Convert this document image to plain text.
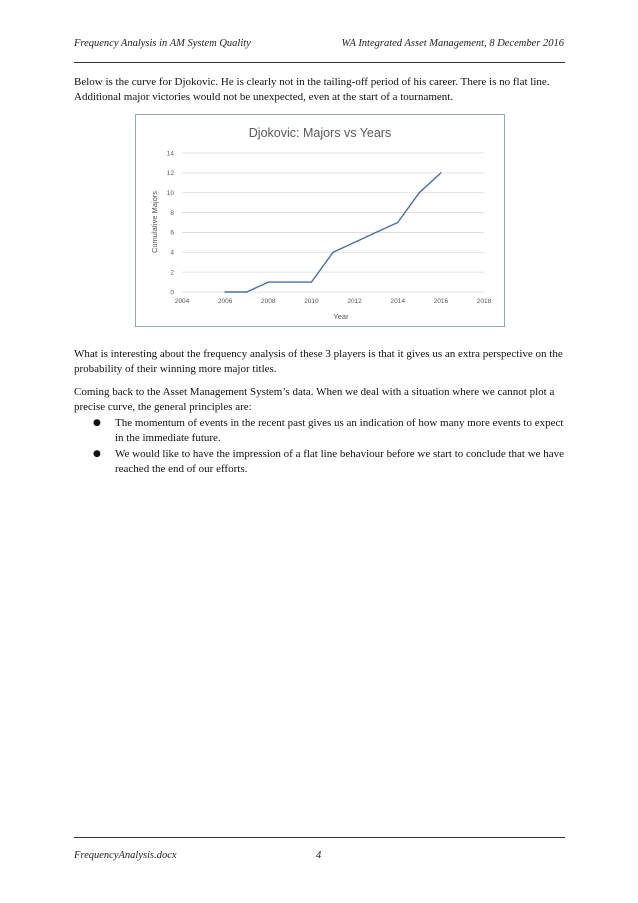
Frequency Analysis in AM System Quality	WA Integrated Asset Management, 8 December 2016

Below is the curve for Djokovic. He is clearly not in the tailing-off period of his career. There is no flat line. Additional major victories would not be unexpected, even at the start of a tournament.

Djokovic: Majors vs Years
0
2
4
6
8
10
12
14
2004	2006	2008	2010	2012	2014	2016	2018
Year
Cumulative Majors

What is interesting about the frequency analysis of these 3 players is that it gives us an extra perspective on the probability of their winning more major titles.

Coming back to the Asset Management System’s data. When we deal with a situation where we cannot plot a precise curve, the general principles are:

● The momentum of events in the recent past gives us an indication of how many more events to expect in the immediate future.
● We would like to have the impression of a flat line behaviour before we start to conclude that we have reached the end of our efforts.
FrequencyAnalysis.docx	4
